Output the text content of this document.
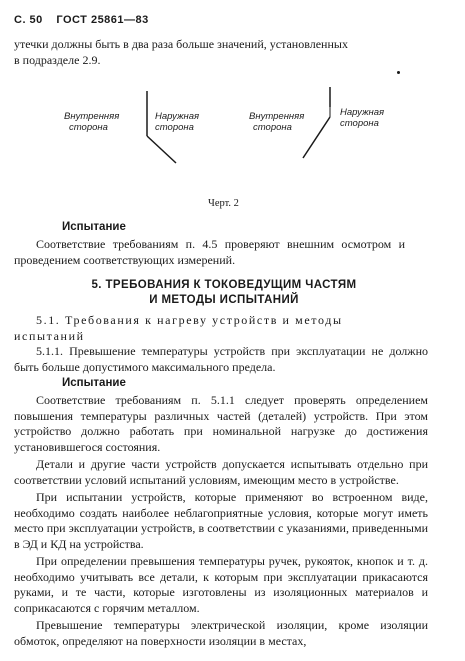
С. 50 ГОСТ 25861—83
утечки должны быть в два раза больше значений, установленных
в подразделе 2.9.
Внутренняя
сторона
Наружная
сторона
Внутренняя
сторона
Наружная
сторона
Черт. 2
Испытание
Соответствие требованиям п. 4.5 проверяют внешним осмотром и проведением соответствующих измерений.
5. ТРЕБОВАНИЯ К ТОКОВЕДУЩИМ ЧАСТЯМ
И МЕТОДЫ ИСПЫТАНИЙ
5.1. Требования к нагреву устройств и методы
испытаний
5.1.1. Превышение температуры устройств при эксплуатации не должно быть больше допустимого максимального предела.
Испытание
Соответствие требованиям п. 5.1.1 следует проверять определением повышения температуры различных частей (деталей) устройств. При этом устройство должно работать при номинальной нагрузке до достижения установившегося состояния.
Детали и другие части устройств допускается испытывать отдельно при соответствии условий испытаний условиям, имеющим место в устройстве.
При испытании устройств, которые применяют во встроенном виде, необходимо создать наиболее неблагоприятные условия, которые могут иметь место при эксплуатации устройств, в соответствии с указаниями, приведенными в ЭД и КД на устройства.
При определении превышения температуры ручек, рукояток, кнопок и т. д. необходимо учитывать все детали, к которым при эксплуатации прикасаются руками, и те части, которые изготовлены из изоляционных материалов и соприкасаются с горячим металлом.
Превышение температуры электрической изоляции, кроме изоляции обмоток, определяют на поверхности изоляции в местах,
